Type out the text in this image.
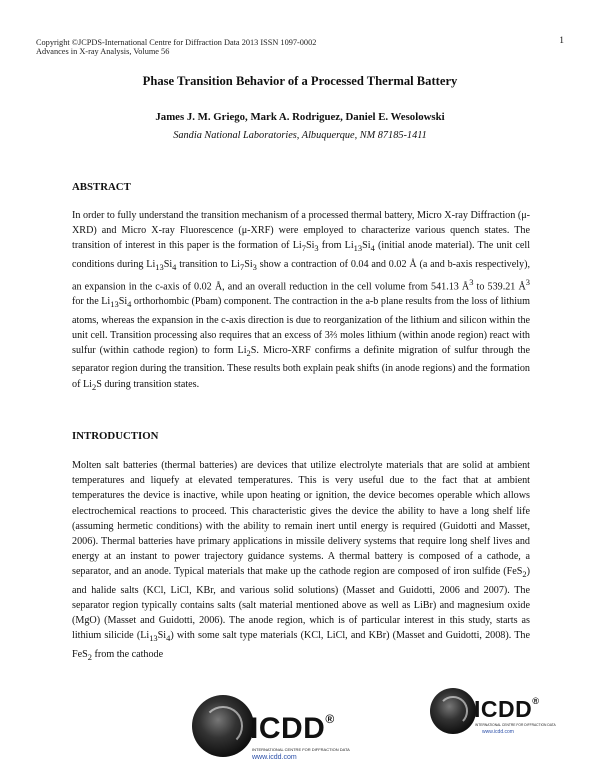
Copyright ©JCPDS-International Centre for Diffraction Data 2013 ISSN 1097-0002
Advances in X-ray Analysis, Volume 56
1
Phase Transition Behavior of a Processed Thermal Battery
James J. M. Griego, Mark A. Rodriguez, Daniel E. Wesolowski
Sandia National Laboratories, Albuquerque, NM 87185-1411
ABSTRACT

In order to fully understand the transition mechanism of a processed thermal battery, Micro X-ray Diffraction (μ-XRD) and Micro X-ray Fluorescence (μ-XRF) were employed to characterize various quench states. The transition of interest in this paper is the formation of $Li_7Si_3$ from $Li_{13}Si_4$ (initial anode material). The unit cell conditions during $Li_{13}Si_4$ transition to $Li_7Si_3$ show a contraction of 0.04 and 0.02 Å (a and b-axis respectively), an expansion in the c-axis of 0.02 Å, and an overall reduction in the cell volume from 541.13 $Å^3$ to 539.21 $Å^3$ for the $Li_{13}Si_4$ orthorhombic (Pbam) component. The contraction in the a-b plane results from the loss of lithium atoms, whereas the expansion in the c-axis direction is due to reorganization of the lithium and silicon within the unit cell. Transition processing also requires that an excess of 3⅔ moles lithium (within anode region) react with sulfur (within cathode region) to form $Li_2S$. Micro-XRF confirms a definite migration of sulfur through the separator region during the transition. These results both explain peak shifts (in anode regions) and the formation of $Li_2S$ during transition states.

INTRODUCTION

Molten salt batteries (thermal batteries) are devices that utilize electrolyte materials that are solid at ambient temperatures and liquefy at elevated temperatures. This is very useful due to the fact that at ambient temperatures the device is inactive, while upon heating or ignition, the device becomes operable which allows electrochemical reactions to proceed. This characteristic gives the device the ability to have a long shelf life (assuming hermetic conditions) with the ability to remain inert until energy is required (Guidotti and Masset, 2006). Thermal batteries have primary applications in missile delivery systems that require long shelf lives and energy at an instant to power trajectory guidance systems. A thermal battery is composed of a cathode, a separator, and an anode. Typical materials that make up the cathode region are composed of iron sulfide (FeS$_2$) and halide salts (KCl, LiCl, KBr, and various solid solutions) (Masset and Guidotti, 2006 and 2007). The separator region typically contains salts (salt material mentioned above as well as LiBr) and magnesium oxide (MgO) (Masset and Guidotti, 2006). The anode region, which is of particular interest in this study, starts as lithium silicide $(Li_{13}Si_4)$ with some salt type materials (KCl, LiCl, and KBr) (Masset and Guidotti, 2008). The FeS$_2$ from the cathode

ICDD®
INTERNATIONAL CENTRE FOR DIFFRACTION DATA
www.icdd.com
ICDD®
INTERNATIONAL CENTRE FOR DIFFRACTION DATA
www.icdd.com
